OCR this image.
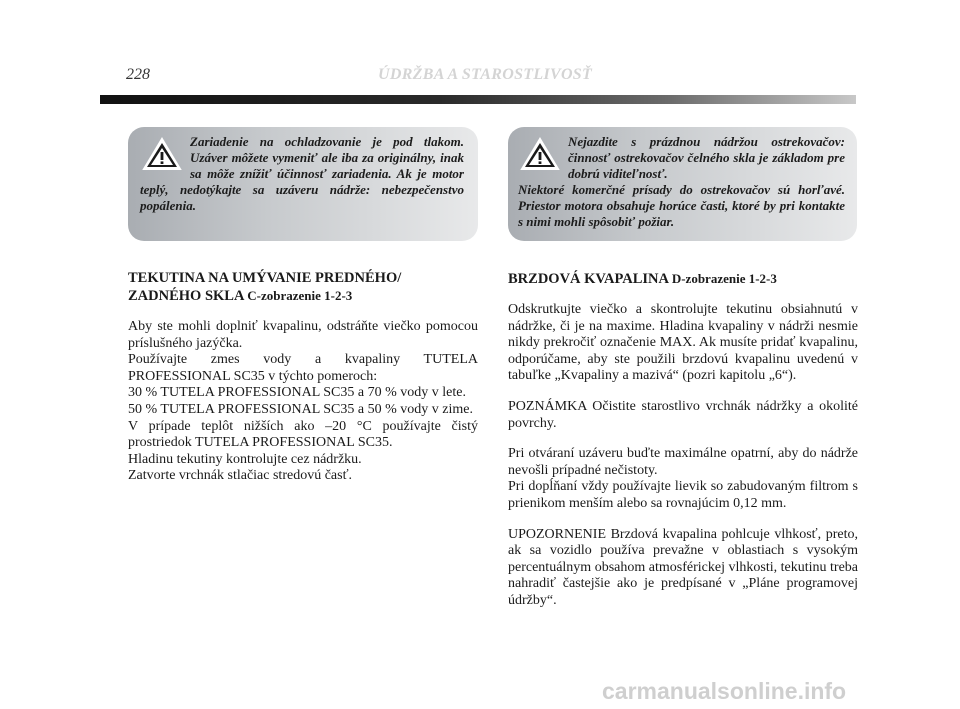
228	ÚDRŽBA A STAROSTLIVOSŤ

Zariadenie na ochladzovanie je pod tlakom. Uzáver môžete vymeniť ale iba za originálny, inak sa môže znížiť účinnosť zariadenia. Ak je motor teplý, nedotýkajte sa uzáveru nádrže: nebezpečenstvo popálenia.

Nejazdite s prázdnou nádržou ostrekovačov: činnosť ostrekovačov čelného skla je základom pre dobrú viditeľnosť.

Niektoré komerčné prísady do ostrekovačov sú horľavé. Priestor motora obsahuje horúce časti, ktoré by pri kontakte s nimi mohli spôsobiť požiar.

TEKUTINA NA UMÝVANIE PREDNÉHO/
ZADNÉHO SKLA C-zobrazenie 1-2-3
Aby ste mohli doplniť kvapalinu, odstráňte viečko pomocou príslušného jazýčka.
Používajte zmes vody a kvapaliny TUTELA PROFESSIONAL SC35 v týchto pomeroch:
30 % TUTELA PROFESSIONAL SC35 a 70 % vody v lete.
50 % TUTELA PROFESSIONAL SC35 a 50 % vody v zime.
V prípade teplôt nižších ako –20 °C používajte čistý prostriedok TUTELA PROFESSIONAL SC35.
Hladinu tekutiny kontrolujte cez nádržku.
Zatvorte vrchnák stlačiac stredovú časť.
BRZDOVÁ KVAPALINA D-zobrazenie 1-2-3

Odskrutkujte viečko a skontrolujte tekutinu obsiahnutú v nádržke, či je na maxime. Hladina kvapaliny v nádrži nesmie nikdy prekročiť označenie MAX. Ak musíte pridať kvapalinu, odporúčame, aby ste použili brzdovú kvapalinu uvedenú v tabuľke „Kvapaliny a mazivá“ (pozri kapitolu „6“).

POZNÁMKA Očistite starostlivo vrchnák nádržky a okolité povrchy.

Pri otváraní uzáveru buďte maximálne opatrní, aby do nádrže nevošli prípadné nečistoty.
Pri dopĺňaní vždy používajte lievik so zabudovaným filtrom s prienikom menším alebo sa rovnajúcim 0,12 mm.

UPOZORNENIE Brzdová kvapalina pohlcuje vlhkosť, preto, ak sa vozidlo používa prevažne v oblastiach s vysokým percentuálnym obsahom atmosférickej vlhkosti, tekutinu treba nahradiť častejšie ako je predpísané v „Pláne programovej údržby“.

carmanualsonline.info
